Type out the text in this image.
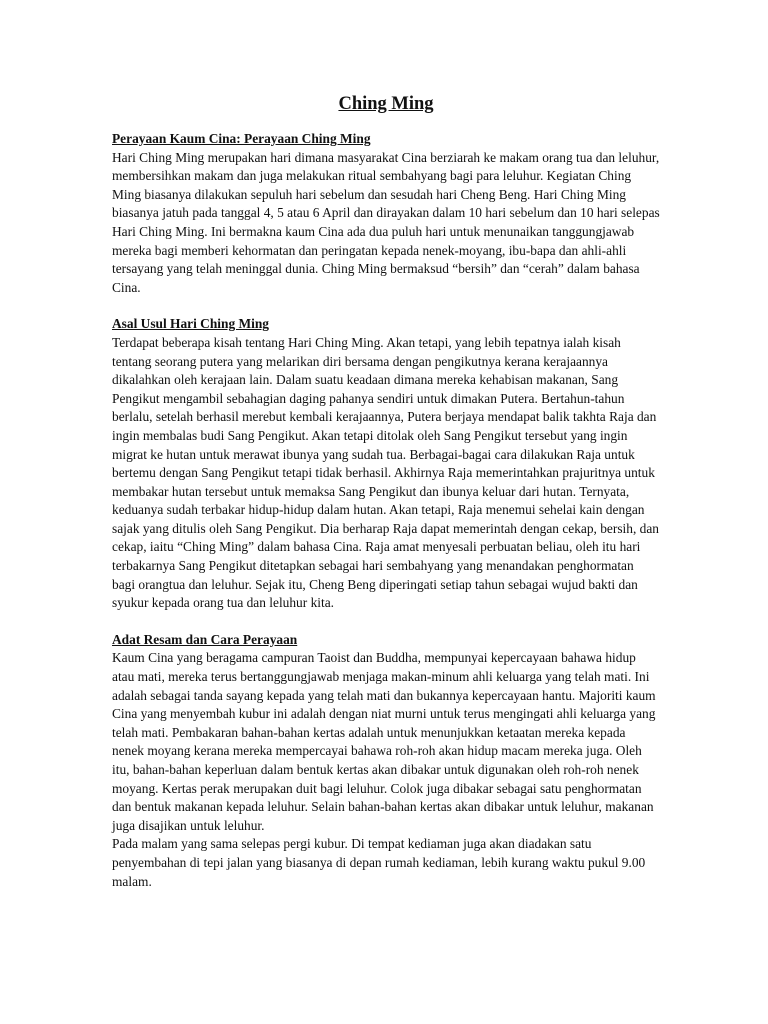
Ching Ming
Perayaan Kaum Cina: Perayaan Ching Ming

Hari Ching Ming merupakan hari dimana masyarakat Cina berziarah ke makam orang tua dan leluhur, membersihkan makam dan juga melakukan ritual sembahyang bagi para leluhur. Kegiatan Ching Ming biasanya dilakukan sepuluh hari sebelum dan sesudah hari Cheng Beng. Hari Ching Ming biasanya jatuh pada tanggal 4, 5 atau 6 April dan dirayakan dalam 10 hari sebelum dan 10 hari selepas Hari Ching Ming. Ini bermakna kaum Cina ada dua puluh hari untuk menunaikan tanggungjawab mereka bagi memberi kehormatan dan peringatan kepada nenek-moyang, ibu-bapa dan ahli-ahli tersayang yang telah meninggal dunia. Ching Ming bermaksud “bersih” dan “cerah” dalam bahasa Cina.

Asal Usul Hari Ching Ming

Terdapat beberapa kisah tentang Hari Ching Ming. Akan tetapi, yang lebih tepatnya ialah kisah tentang seorang putera yang melarikan diri bersama dengan pengikutnya kerana kerajaannya dikalahkan oleh kerajaan lain. Dalam suatu keadaan dimana mereka kehabisan makanan, Sang Pengikut mengambil sebahagian daging pahanya sendiri untuk dimakan Putera. Bertahun-tahun berlalu, setelah berhasil merebut kembali kerajaannya, Putera berjaya mendapat balik takhta Raja dan ingin membalas budi Sang Pengikut. Akan tetapi ditolak oleh Sang Pengikut tersebut yang ingin migrat ke hutan untuk merawat ibunya yang sudah tua. Berbagai-bagai cara dilakukan Raja untuk bertemu dengan Sang Pengikut tetapi tidak berhasil. Akhirnya Raja memerintahkan prajuritnya untuk membakar hutan tersebut untuk memaksa Sang Pengikut dan ibunya keluar dari hutan. Ternyata, keduanya sudah terbakar hidup-hidup dalam hutan. Akan tetapi, Raja menemui sehelai kain dengan sajak yang ditulis oleh Sang Pengikut. Dia berharap Raja dapat memerintah dengan cekap, bersih, dan cekap, iaitu “Ching Ming” dalam bahasa Cina. Raja amat menyesali perbuatan beliau, oleh itu hari terbakarnya Sang Pengikut ditetapkan sebagai hari sembahyang yang menandakan penghormatan bagi orangtua dan leluhur. Sejak itu, Cheng Beng diperingati setiap tahun sebagai wujud bakti dan syukur kepada orang tua dan leluhur kita.

Adat Resam dan Cara Perayaan

Kaum Cina yang beragama campuran Taoist dan Buddha, mempunyai kepercayaan bahawa hidup atau mati, mereka terus bertanggungjawab menjaga makan-minum ahli keluarga yang telah mati. Ini adalah sebagai tanda sayang kepada yang telah mati dan bukannya kepercayaan hantu. Majoriti kaum Cina yang menyembah kubur ini adalah dengan niat murni untuk terus mengingati ahli keluarga yang telah mati. Pembakaran bahan-bahan kertas adalah untuk menunjukkan ketaatan mereka kepada nenek moyang kerana mereka mempercayai bahawa roh-roh akan hidup macam mereka juga. Oleh itu, bahan-bahan keperluan dalam bentuk kertas akan dibakar untuk digunakan oleh roh-roh nenek moyang. Kertas perak merupakan duit bagi leluhur. Colok juga dibakar sebagai satu penghormatan dan bentuk makanan kepada leluhur. Selain bahan-bahan kertas akan dibakar untuk leluhur, makanan juga disajikan untuk leluhur.

Pada malam yang sama selepas pergi kubur. Di tempat kediaman juga akan diadakan satu penyembahan di tepi jalan yang biasanya di depan rumah kediaman, lebih kurang waktu pukul 9.00 malam.
